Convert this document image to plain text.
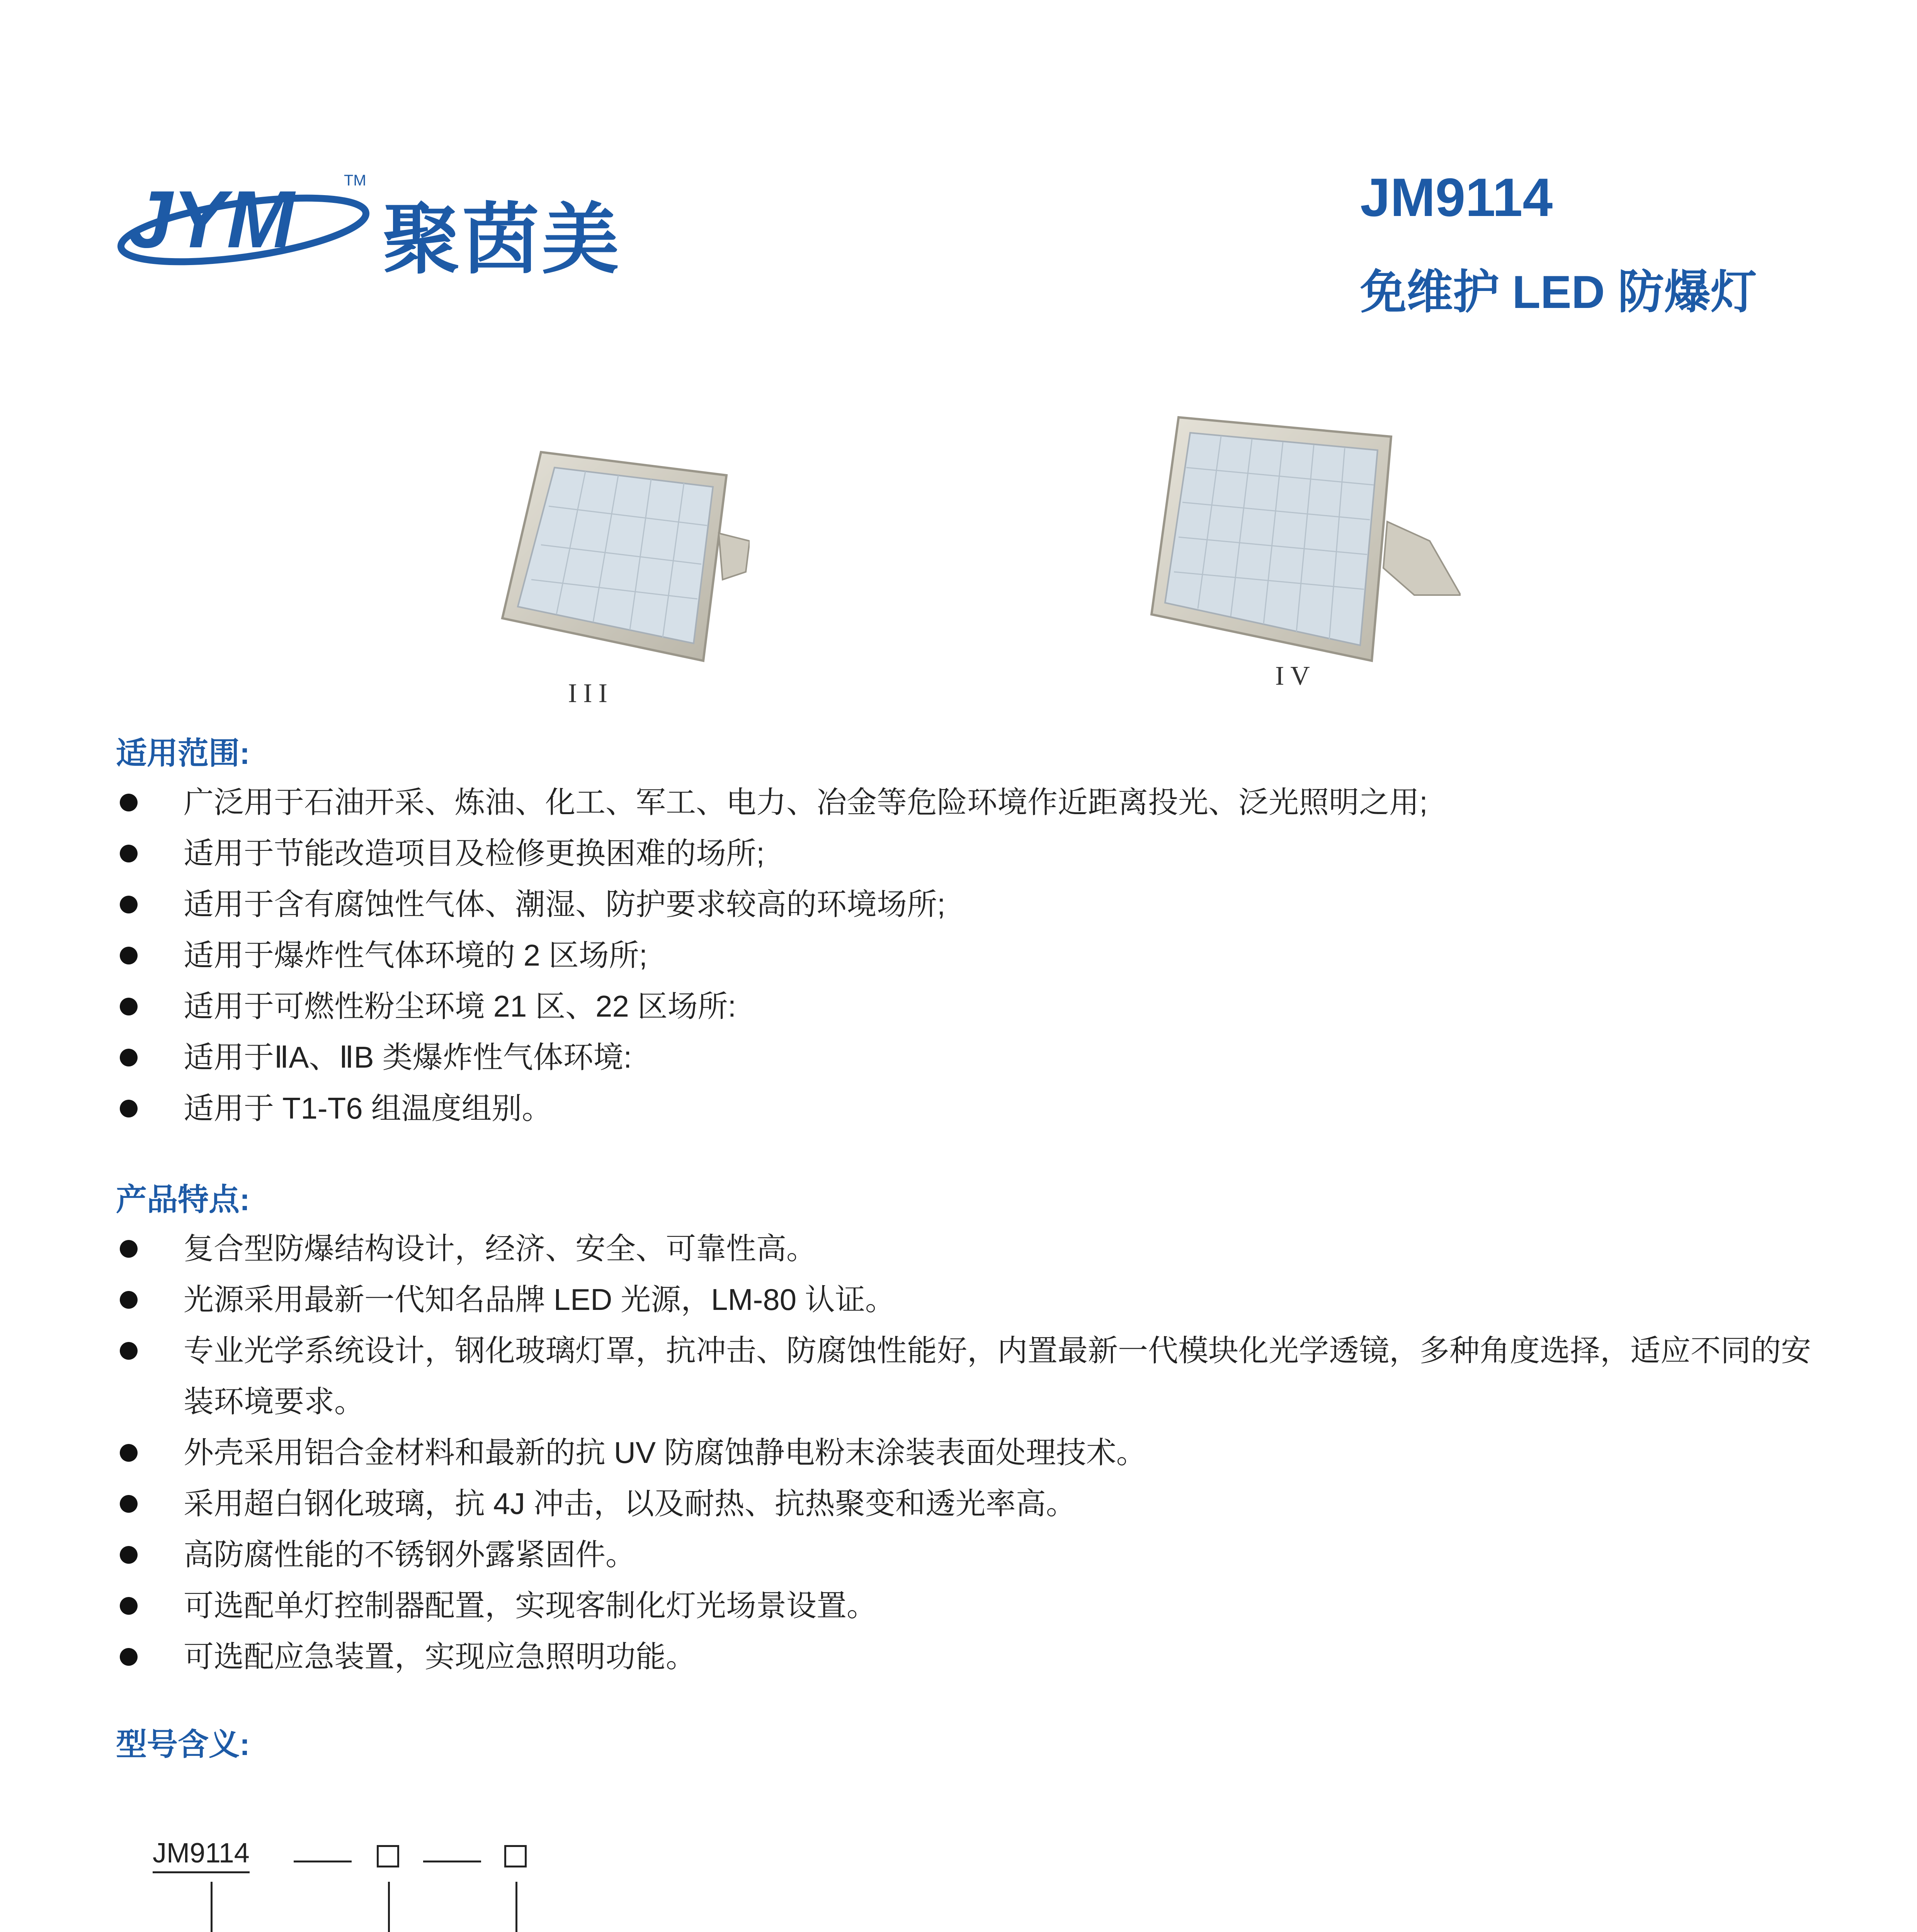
JYM	TM
聚茵美	JM9114
免维护 LED 防爆灯
III
IV
适用范围:
广泛用于石油开采、炼油、化工、军工、电力、冶金等危险环境作近距离投光、泛光照明之用;
适用于节能改造项目及检修更换困难的场所;
适用于含有腐蚀性气体、潮湿、防护要求较高的环境场所;
适用于爆炸性气体环境的 2 区场所;
适用于可燃性粉尘环境 21 区、22 区场所:
适用于ⅡA、ⅡB 类爆炸性气体环境:
适用于 T1-T6 组温度组别。
产品特点:
复合型防爆结构设计，经济、安全、可靠性高。
光源采用最新一代知名品牌 LED 光源，LM-80 认证。
专业光学系统设计，钢化玻璃灯罩，抗冲击、防腐蚀性能好，内置最新一代模块化光学透镜，多种角度选择，适应不同的安装环境要求。
外壳采用铝合金材料和最新的抗 UV 防腐蚀静电粉末涂装表面处理技术。
采用超白钢化玻璃，抗 4J 冲击，以及耐热、抗热聚变和透光率高。
高防腐性能的不锈钢外露紧固件。
可选配单灯控制器配置，实现客制化灯光场景设置。
可选配应急装置，实现应急照明功能。
型号含义:
JM9114
